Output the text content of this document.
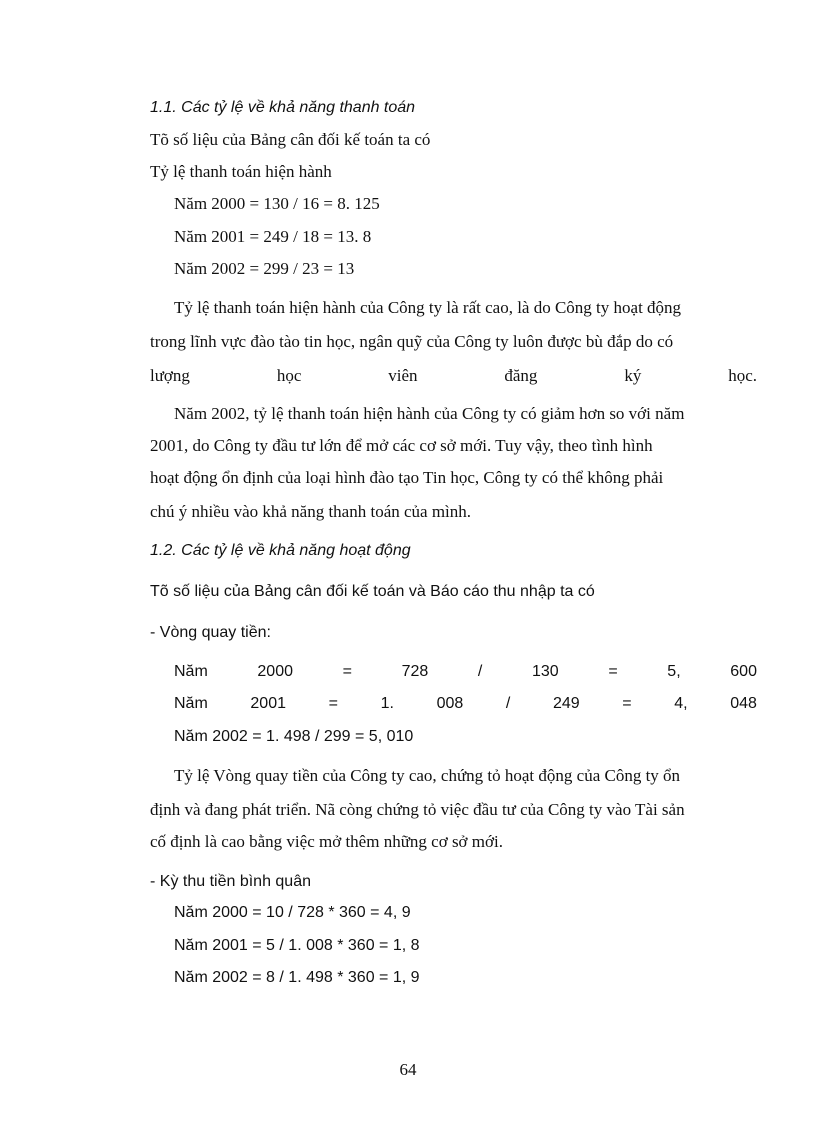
1.1. Các tỷ lệ về khả năng thanh toán
Tõ số liệu của Bảng cân đối kế toán ta có
Tỷ lệ thanh toán hiện hành
Năm 2000 = 130 / 16 = 8. 125
Năm 2001 = 249 / 18 = 13. 8
Năm 2002 = 299 / 23 = 13
Tỷ lệ thanh toán hiện hành của Công ty là rất cao, là do Công ty hoạt động
trong lĩnh vực đào tào tin học, ngân quỹ của Công ty luôn được bù đắp do có
lượng	học	viên	đăng	ký	học.
Năm 2002, tỷ lệ thanh toán hiện hành của Công ty có giảm hơn so với năm
2001, do Công ty đầu tư lớn để mở các cơ sở mới. Tuy vậy, theo tình hình
hoạt động ổn định của loại hình đào tạo Tin học, Công ty có thể không phải
chú ý nhiều vào khả năng thanh toán của mình.
1.2. Các tỷ lệ về khả năng hoạt động
Tõ số liệu của Bảng cân đối kế toán và Báo cáo thu nhập ta có
- Vòng quay tiền:
Năm	2000	=	728	/	130	=	5,	600
Năm	2001	=	1.	008	/	249	=	4,	048
Năm 2002 = 1. 498 / 299 = 5, 010
Tỷ lệ Vòng quay tiền của Công ty cao, chứng tỏ hoạt động của Công ty ổn
định và đang phát triển. Nã còng chứng tỏ việc đầu tư của Công ty vào Tài sản
cố định là cao bằng việc mở thêm những cơ sở mới.
- Kỳ thu tiền bình quân
Năm 2000 = 10 / 728 * 360 = 4, 9
Năm 2001 = 5 / 1. 008 * 360 = 1, 8
Năm 2002 = 8 / 1. 498 * 360 = 1, 9
64
